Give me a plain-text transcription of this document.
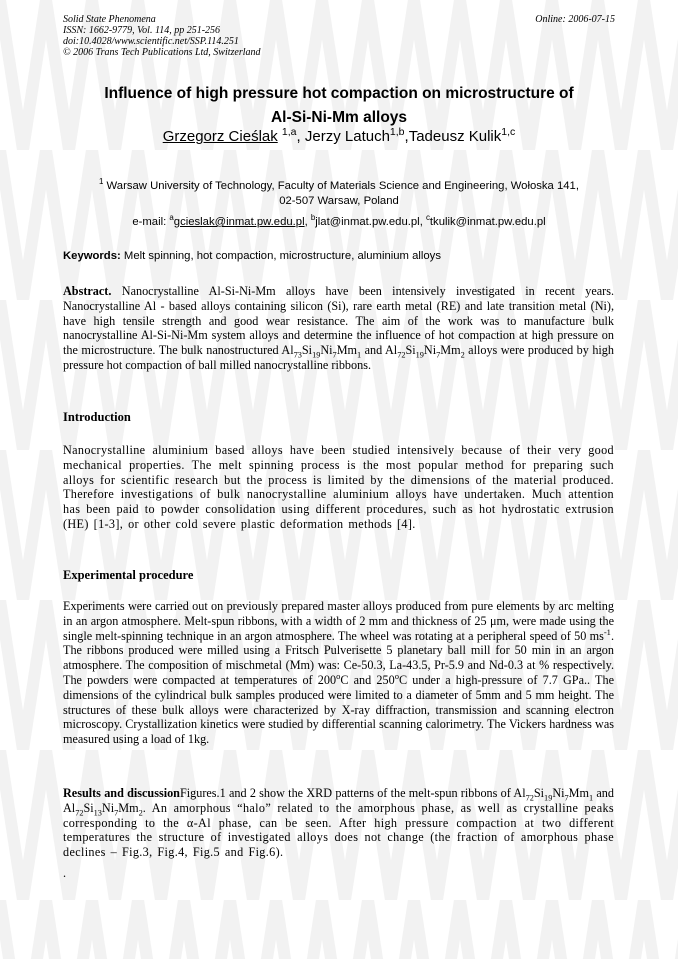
Solid State Phenomena
ISSN: 1662-9779, Vol. 114, pp 251-256
doi:10.4028/www.scientific.net/SSP.114.251
© 2006 Trans Tech Publications Ltd, Switzerland
Online: 2006-07-15
Influence of high pressure hot compaction on microstructure of
Al-Si-Ni-Mm alloys
Grzegorz Cieślak $^{1,a}$, Jerzy Latuch$^{1,b}$,Tadeusz Kulik$^{1,c}$
$^1$ Warsaw University of Technology, Faculty of Materials Science and Engineering, Wołoska 141,
02-507 Warsaw, Poland
e-mail: $^a$gcieslak@inmat.pw.edu.pl, $^b$jlat@inmat.pw.edu.pl, $^c$tkulik@inmat.pw.edu.pl
Keywords: Melt spinning, hot compaction, microstructure, aluminium alloys
Abstract. Nanocrystalline Al-Si-Ni-Mm alloys have been intensively investigated in recent years. Nanocrystalline Al - based alloys containing silicon (Si), rare earth metal (RE) and late transition metal (Ni), have high tensile strength and good wear resistance. The aim of the work was to manufacture bulk nanocrystalline Al-Si-Ni-Mm system alloys and determine the influence of hot compaction at high pressure on the microstructure. The bulk nanostructured $Al_{73}Si_{19}Ni_7Mm_1$ and $Al_{72}Si_{19}Ni_7Mm_2$ alloys were produced by high pressure hot compaction of ball milled nanocrystalline ribbons.
Introduction
Nanocrystalline aluminium based alloys have been studied intensively because of their very good mechanical properties. The melt spinning process is the most popular method for preparing such alloys for scientific research but the process is limited by the dimensions of the material produced. Therefore investigations of bulk nanocrystalline aluminium alloys have undertaken. Much attention has been paid to powder consolidation using different procedures, such as hot hydrostatic extrusion (HE) [1-3], or other cold severe plastic deformation methods [4].
Experimental procedure
Experiments were carried out on previously prepared master alloys produced from pure elements by arc melting in an argon atmosphere. Melt-spun ribbons, with a width of 2 mm and thickness of 25 μm, were made using the single melt-spinning technique in an argon atmosphere. The wheel was rotating at a peripheral speed of 50 $ms^{-1}$. The ribbons produced were milled using a Fritsch Pulverisette 5 planetary ball mill for 50 min in an argon atmosphere. The composition of mischmetal (Mm) was: Ce-50.3, La-43.5, Pr-5.9 and Nd-0.3 at % respectively. The powders were compacted at temperatures of 200$^o$C and 250$^o$C under a high-pressure of 7.7 GPa.. The dimensions of the cylindrical bulk samples produced were limited to a diameter of 5mm and 5 mm height. The structures of these bulk alloys were characterized by X-ray diffraction, transmission and scanning electron microscopy. Crystallization kinetics were studied by differential scanning calorimetry. The Vickers hardness was measured using a load of 1kg.
Results and discussionFigures.1 and 2 show the XRD patterns of the melt-spun ribbons of $Al_{72}Si_{19}Ni_7Mm_1$ and $Al_{72}Si_{13}Ni_7Mm_2$. An amorphous “halo” related to the amorphous phase, as well as crystalline peaks corresponding to the α-Al phase, can be seen. After high pressure compaction at two different temperatures the structure of investigated alloys does not change (the fraction of amorphous phase declines – Fig.3, Fig.4, Fig.5 and Fig.6).
.
